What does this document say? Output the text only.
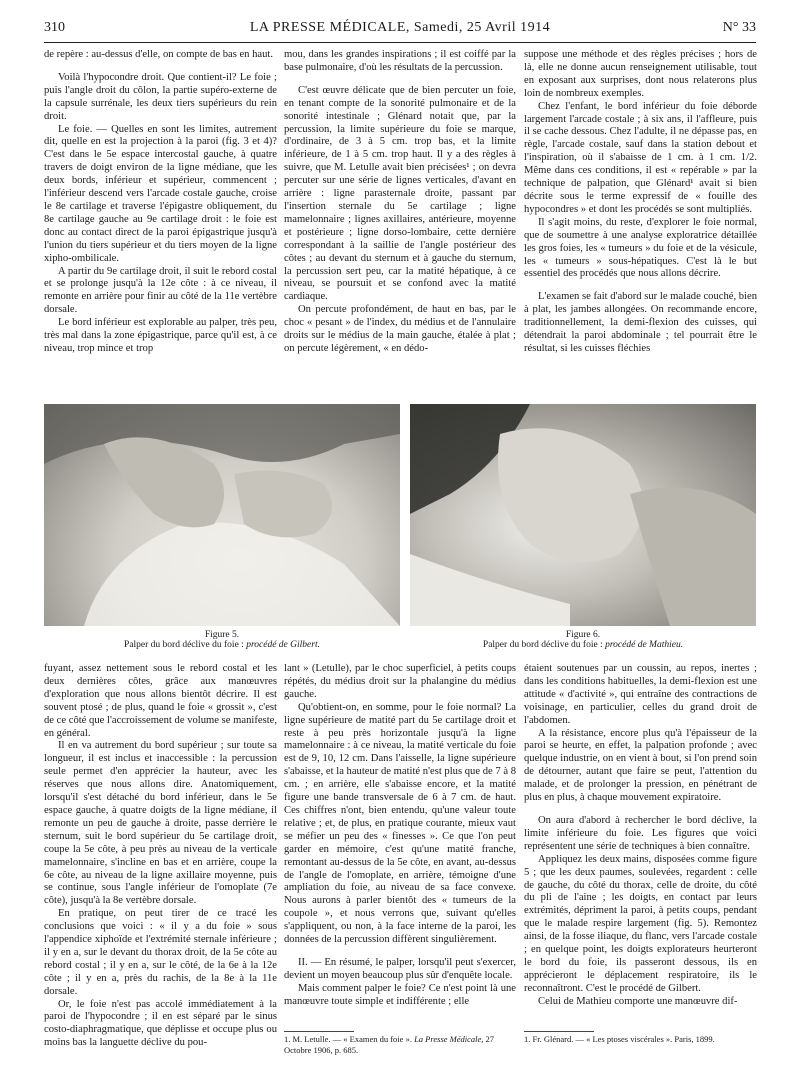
310	LA PRESSE MÉDICALE, Samedi, 25 Avril 1914	N° 33

de repère : au-dessus d'elle, on compte de bas en haut.

Voilà l'hypocondre droit. Que contient-il? Le foie ; puis l'angle droit du côlon, la partie supéro-externe de la capsule surrénale, les deux tiers supérieurs du rein droit.

Le foie. — Quelles en sont les limites, autrement dit, quelle en est la projection à la paroi (fig. 3 et 4)? C'est dans le 5e espace intercostal gauche, à quatre travers de doigt environ de la ligne médiane, que les deux bords, inférieur et supérieur, commencent ; l'inférieur descend vers l'arcade costale gauche, croise le 8e cartilage et traverse l'épigastre obliquement, du 8e cartilage gauche au 9e cartilage droit : le foie est donc au contact direct de la paroi épigastrique jusqu'à l'union du tiers supérieur et du tiers moyen de la ligne xipho-ombilicale.

A partir du 9e cartilage droit, il suit le rebord costal et se prolonge jusqu'à la 12e côte : à ce niveau, il remonte en arrière pour finir au côté de la 11e vertèbre dorsale.

Le bord inférieur est explorable au palper, très peu, très mal dans la zone épigastrique, parce qu'il est, à ce niveau, trop mince et trop

mou, dans les grandes inspirations ; il est coiffé par la base pulmonaire, d'où les résultats de la percussion.

C'est œuvre délicate que de bien percuter un foie, en tenant compte de la sonorité pulmonaire et de la sonorité intestinale ; Glénard notait que, par la percussion, la limite supérieure du foie se marque, d'ordinaire, de 3 à 5 cm. trop bas, et la limite inférieure, de 1 à 5 cm. trop haut. Il y a des règles à suivre, que M. Letulle avait bien précisées¹ ; on devra percuter sur une série de lignes verticales, d'avant en arrière : ligne parasternale droite, passant par l'insertion sternale du 5e cartilage ; ligne mamelonnaire ; lignes axillaires, antérieure, moyenne et postérieure ; ligne dorso-lombaire, cette dernière correspondant à la saillie de l'angle postérieur des côtes ; au devant du sternum et à gauche du sternum, la percussion sert peu, car la matité hépatique, à ce niveau, se poursuit et se confond avec la matité cardiaque.

On percute profondément, de haut en bas, par le choc « pesant » de l'index, du médius et de l'annulaire droits sur le médius de la main gauche, étalée à plat ; on percute légèrement, « en dédo-

suppose une méthode et des règles précises ; hors de là, elle ne donne aucun renseignement utilisable, tout en exposant aux surprises, dont nous relaterons plus loin de nombreux exemples.

Chez l'enfant, le bord inférieur du foie déborde largement l'arcade costale ; à six ans, il l'affleure, puis il se cache dessous. Chez l'adulte, il ne dépasse pas, en règle, l'arcade costale, sauf dans la station debout et l'inspiration, où il s'abaisse de 1 cm. à 1 cm. 1/2. Même dans ces conditions, il est « repérable » par la technique de palpation, que Glénard¹ avait si bien décrite sous le terme expressif de « fouille des hypocondres » et dont les procédés se sont multipliés.

Il s'agit moins, du reste, d'explorer le foie normal, que de soumettre à une analyse exploratrice détaillée les gros foies, les « tumeurs » du foie et de la vésicule, les « tumeurs » sous-hépatiques. C'est là le but essentiel des procédés que nous allons décrire.

L'examen se fait d'abord sur le malade couché, bien à plat, les jambes allongées. On recommande encore, traditionnellement, la demi-flexion des cuisses, qui détendrait la paroi abdominale ; tel pourrait être le résultat, si les cuisses fléchies

Figure 5.
Palper du bord déclive du foie : procédé de Gilbert.
Figure 6.
Palper du bord déclive du foie : procédé de Mathieu.

fuyant, assez nettement sous le rebord costal et les deux dernières côtes, grâce aux manœuvres d'exploration que nous allons bientôt décrire. Il est souvent ptosé ; de plus, quand le foie « grossit », c'est de ce côté que l'accroissement de volume se manifeste, en général.

Il en va autrement du bord supérieur ; sur toute sa longueur, il est inclus et inaccessible : la percussion seule permet d'en apprécier la hauteur, avec les réserves que nous allons dire. Anatomiquement, lorsqu'il s'est détaché du bord inférieur, dans le 5e espace gauche, à quatre doigts de la ligne médiane, il remonte un peu de gauche à droite, passe derrière le sternum, suit le bord supérieur du 5e cartilage droit, coupe la 5e côte, à peu près au niveau de la verticale mamelonnaire, s'incline en bas et en arrière, coupe la 6e côte, au niveau de la ligne axillaire moyenne, puis se continue, sous l'angle inférieur de l'omoplate (7e côte), jusqu'à la 8e vertèbre dorsale.

En pratique, on peut tirer de ce tracé les conclusions que voici : « il y a du foie » sous l'appendice xiphoïde et l'extrémité sternale inférieure ; il y en a, sur le devant du thorax droit, de la 5e côte au rebord costal ; il y en a, sur le côté, de la 6e à la 12e côte ; il y en a, près du rachis, de la 8e à la 11e dorsale.

Or, le foie n'est pas accolé immédiatement à la paroi de l'hypocondre ; il en est séparé par le sinus costo-diaphragmatique, que déplisse et occupe plus ou moins bas la languette déclive du pou-

lant » (Letulle), par le choc superficiel, à petits coups répétés, du médius droit sur la phalangine du médius gauche.

Qu'obtient-on, en somme, pour le foie normal? La ligne supérieure de matité part du 5e cartilage droit et reste à peu près horizontale jusqu'à la ligne mamelonnaire : à ce niveau, la matité verticale du foie est de 9, 10, 12 cm. Dans l'aisselle, la ligne supérieure s'abaisse, et la hauteur de matité n'est plus que de 7 à 8 cm. ; en arrière, elle s'abaisse encore, et la matité figure une bande transversale de 6 à 7 cm. de haut. Ces chiffres n'ont, bien entendu, qu'une valeur toute relative ; et, de plus, en pratique courante, mieux vaut se méfier un peu des « finesses ». Ce que l'on peut garder en mémoire, c'est qu'une matité franche, remontant au-dessus de la 5e côte, en avant, au-dessus de l'angle de l'omoplate, en arrière, témoigne d'une ampliation du foie, au niveau de sa face convexe. Nous aurons à parler bientôt des « tumeurs de la coupole », et nous verrons que, suivant qu'elles s'appliquent, ou non, à la face interne de la paroi, les données de la percussion diffèrent singulièrement.

II. — En résumé, le palper, lorsqu'il peut s'exercer, devient un moyen beaucoup plus sûr d'enquête locale.

Mais comment palper le foie? Ce n'est point là une manœuvre toute simple et indifférente ; elle

étaient soutenues par un coussin, au repos, inertes ; dans les conditions habituelles, la demi-flexion est une attitude « d'activité », qui entraîne des contractions de voisinage, en particulier, celles du grand droit de l'abdomen.

A la résistance, encore plus qu'à l'épaisseur de la paroi se heurte, en effet, la palpation profonde ; avec quelque industrie, on en vient à bout, si l'on prend soin de détourner, autant que faire se peut, l'attention du malade, et de prolonger la pression, en pénétrant de plus en plus, à chaque mouvement expiratoire.

On aura d'abord à rechercher le bord déclive, la limite inférieure du foie. Les figures que voici représentent une série de techniques à bien connaître.

Appliquez les deux mains, disposées comme figure 5 ; que les deux paumes, soulevées, regardent : celle de gauche, du côté du thorax, celle de droite, du côté du pli de l'aine ; les doigts, en contact par leurs extrémités, dépriment la paroi, à petits coups, pendant que le malade respire largement (fig. 5). Remontez ainsi, de la fosse iliaque, du flanc, vers l'arcade costale ; en quelque point, les doigts explorateurs heurteront le bord du foie, ils passeront dessous, ils en apprécieront le déplacement respiratoire, ils le reconnaîtront. C'est le procédé de Gilbert.

Celui de Mathieu comporte une manœuvre dif-

1. M. Letulle. — « Examen du foie ». La Presse Médicale, 27 Octobre 1906, p. 685.
1. Fr. Glénard. — « Les ptoses viscérales ». Paris, 1899.
